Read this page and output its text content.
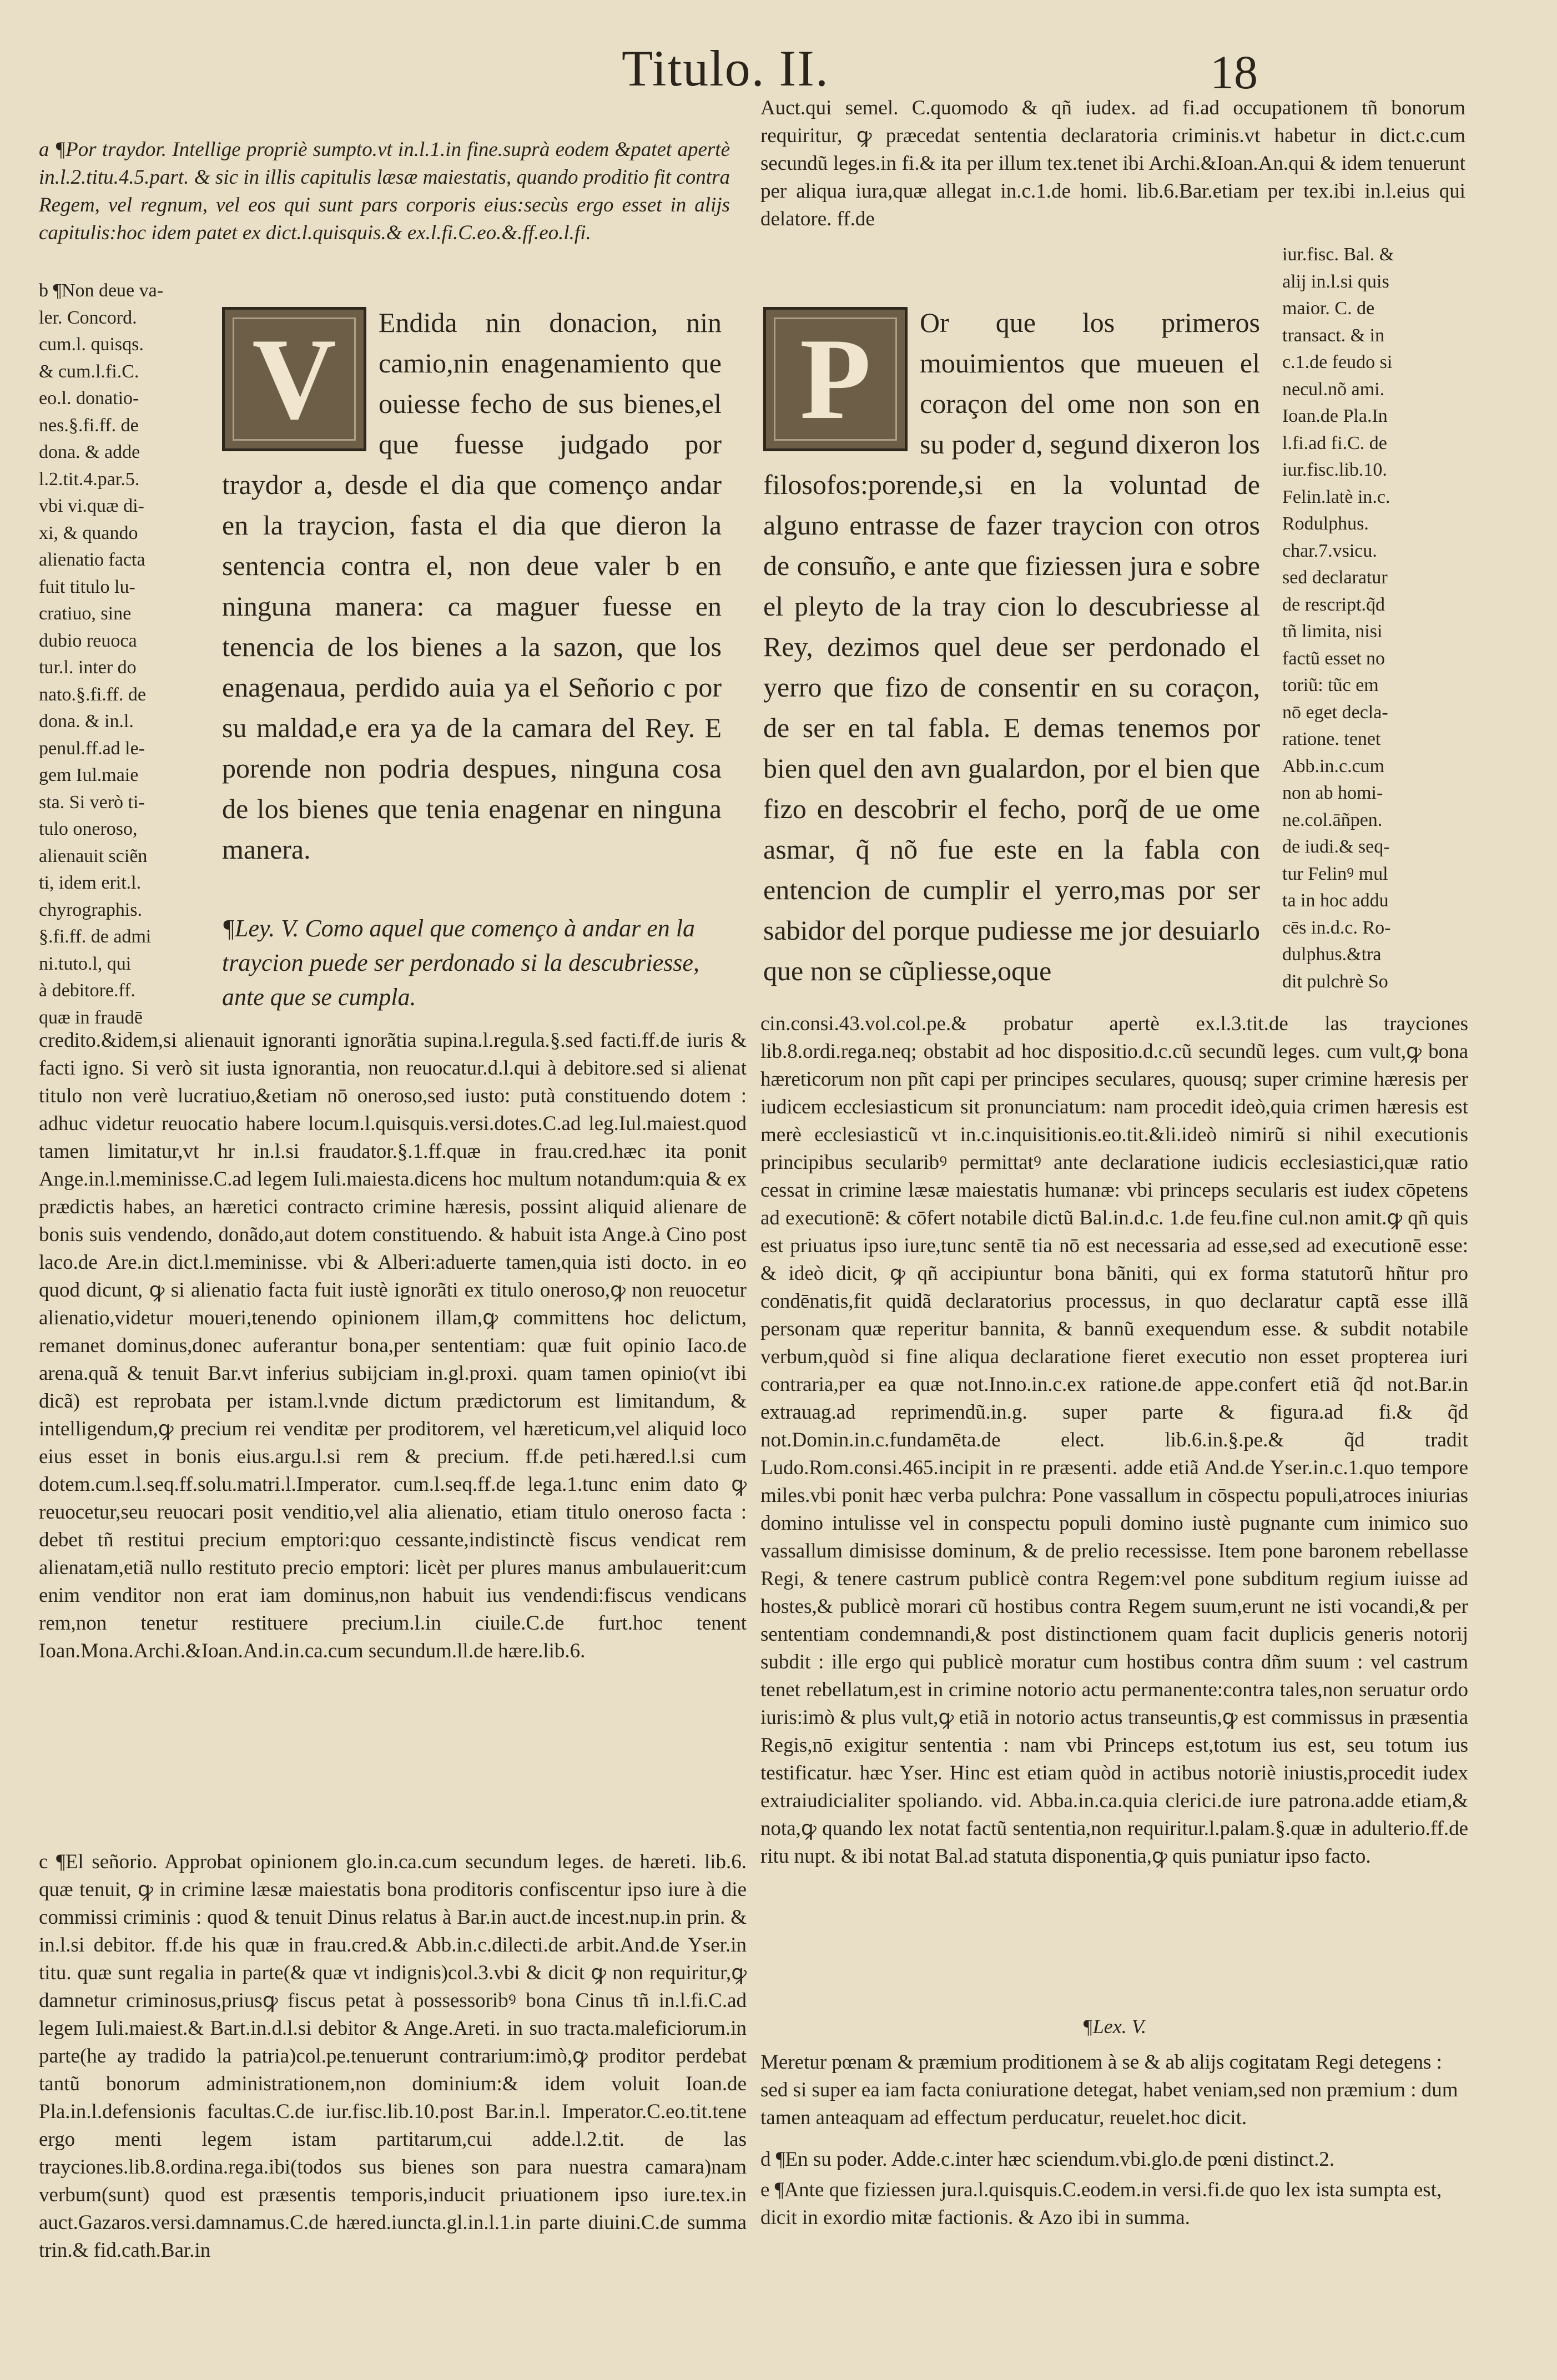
Titulo. II.	18
a ¶Por traydor. Intellige propriè sumpto.vt in.l.1.in fine.suprà eodem &patet apertè in.l.2.titu.4.5.part. & sic in illis capitulis læsæ maiestatis, quando proditio fit contra Regem, vel regnum, vel eos qui sunt pars corporis eius:secùs ergo esset in alijs capitulis:hoc idem patet ex dict.l.quisquis.& ex.l.fi.C.eo.&.ff.eo.l.fi.
b ¶Non deue va-
ler. Concord.
cum.l. quisqs.
& cum.l.fi.C.
eo.l. donatio-
nes.§.fi.ff. de
dona. & adde
l.2.tit.4.par.5.
vbi vi.quæ di-
xi, & quando
alienatio facta
fuit titulo lu-
cratiuo, sine
dubio reuoca
tur.l. inter do
nato.§.fi.ff. de
dona. & in.l.
penul.ff.ad le-
gem Iul.maie
sta. Si verò ti-
tulo oneroso,
alienauit sciẽn
ti, idem erit.l.
chyrographis.
§.fi.ff. de admi
ni.tuto.l, qui
à debitore.ff.
quæ in fraudē
V	Endida nin donacion, nin camio,nin enagenamiento que ouiesse fecho de sus bienes,el que fuesse judgado por traydor a, desde el dia que començo andar en la traycion, fasta el dia que dieron la sentencia contra el, non deue valer b en ninguna manera: ca maguer fuesse en tenencia de los bienes a la sazon, que los enagenaua, perdido auia ya el Señorio c por su maldad,e era ya de la camara del Rey. E porende non podria despues, ninguna cosa de los bienes que tenia enagenar en ninguna manera.
¶Ley. V. Como aquel que començo à andar en la traycion puede ser perdonado si la descubriesse, ante que se cumpla.
credito.&idem,si alienauit ignoranti ignorãtia supina.l.regula.§.sed facti.ff.de iuris & facti igno. Si verò sit iusta ignorantia, non reuocatur.d.l.qui à debitore.sed si alienat titulo non verè lucratiuo,&etiam nō oneroso,sed iusto: putà constituendo dotem : adhuc videtur reuocatio habere locum.l.quisquis.versi.dotes.C.ad leg.Iul.maiest.quod tamen limitatur,vt hr in.l.si fraudator.§.1.ff.quæ in frau.cred.hæc ita ponit Ange.in.l.meminisse.C.ad legem Iuli.maiesta.dicens hoc multum notandum:quia & ex prædictis habes, an hæretici contracto crimine hæresis, possint aliquid alienare de bonis suis vendendo, donãdo,aut dotem constituendo. & habuit ista Ange.à Cino post laco.de Are.in dict.l.meminisse. vbi & Alberi:aduerte tamen,quia isti docto. in eo quod dicunt, ꝙ si alienatio facta fuit iustè ignorãti ex titulo oneroso,ꝙ non reuocetur alienatio,videtur moueri,tenendo opinionem illam,ꝙ committens hoc delictum, remanet dominus,donec auferantur bona,per sententiam: quæ fuit opinio Iaco.de arena.quã & tenuit Bar.vt inferius subijciam in.gl.proxi. quam tamen opinio(vt ibi dicã) est reprobata per istam.l.vnde dictum prædictorum est limitandum, & intelligendum,ꝙ precium rei venditæ per proditorem, vel hæreticum,vel aliquid loco eius esset in bonis eius.argu.l.si rem & precium. ff.de peti.hæred.l.si cum dotem.cum.l.seq.ff.solu.matri.l.Imperator. cum.l.seq.ff.de lega.1.tunc enim dato ꝙ reuocetur,seu reuocari posit venditio,vel alia alienatio, etiam titulo oneroso facta : debet tñ restitui precium emptori:quo cessante,indistinctè fiscus vendicat rem alienatam,etiã nullo restituto precio emptori: licèt per plures manus ambulauerit:cum enim venditor non erat iam dominus,non habuit ius vendendi:fiscus vendicans rem,non tenetur restituere precium.l.in ciuile.C.de furt.hoc tenent Ioan.Mona.Archi.&Ioan.And.in.ca.cum secundum.ll.de hære.lib.6.
c ¶El señorio. Approbat opinionem glo.in.ca.cum secundum leges. de hæreti. lib.6. quæ tenuit, ꝙ in crimine læsæ maiestatis bona proditoris confiscentur ipso iure à die commissi criminis : quod & tenuit Dinus relatus à Bar.in auct.de incest.nup.in prin. & in.l.si debitor. ff.de his quæ in frau.cred.& Abb.in.c.dilecti.de arbit.And.de Yser.in titu. quæ sunt regalia in parte(& quæ vt indignis)col.3.vbi & dicit ꝙ non requiritur,ꝙ damnetur criminosus,priusꝙ fiscus petat à possessoribꝰ bona Cinus tñ in.l.fi.C.ad legem Iuli.maiest.& Bart.in.d.l.si debitor & Ange.Areti. in suo tracta.maleficiorum.in parte(he ay tradido la patria)col.pe.tenuerunt contrarium:imò,ꝙ proditor perdebat tantũ bonorum administrationem,non dominium:& idem voluit Ioan.de Pla.in.l.defensionis facultas.C.de iur.fisc.lib.10.post Bar.in.l. Imperator.C.eo.tit.tene ergo menti legem istam partitarum,cui adde.l.2.tit. de las trayciones.lib.8.ordina.rega.ibi(todos sus bienes son para nuestra camara)nam verbum(sunt) quod est præsentis temporis,inducit priuationem ipso iure.tex.in auct.Gazaros.versi.damnamus.C.de hæred.iuncta.gl.in.l.1.in parte diuini.C.de summa trin.& fid.cath.Bar.in
Auct.qui semel. C.quomodo & qñ iudex. ad fi.ad occupationem tñ bonorum requiritur, ꝙ præcedat sententia declaratoria criminis.vt habetur in dict.c.cum secundũ leges.in fi.& ita per illum tex.tenet ibi Archi.&Ioan.An.qui & idem tenuerunt per aliqua iura,quæ allegat in.c.1.de homi. lib.6.Bar.etiam per tex.ibi in.l.eius qui delatore. ff.de
iur.fisc. Bal. &
alij in.l.si quis
maior. C. de
transact. & in
c.1.de feudo si
necul.nõ ami.
Ioan.de Pla.In
l.fi.ad fi.C. de
iur.fisc.lib.10.
Felin.latè in.c.
Rodulphus.
char.7.vsicu.
sed declaratur
de rescript.q̃d
tñ limita, nisi
factũ esset no
toriũ: tũc em
nō eget decla-
ratione. tenet
Abb.in.c.cum
non ab homi-
ne.col.āñpen.
de iudi.& seq-
tur Felinꝰ mul
ta in hoc addu
cēs in.d.c. Ro-
dulphus.&tra
dit pulchrè So
P	Or que los primeros mouimientos que mueuen el coraçon del ome non son en su poder d, segund dixeron los filosofos:porende,si en la voluntad de alguno entrasse de fazer traycion con otros de consuño, e ante que fiziessen jura e sobre el pleyto de la tray cion lo descubriesse al Rey, dezimos quel deue ser perdonado el yerro que fizo de consentir en su coraçon, de ser en tal fabla. E demas tenemos por bien quel den avn gualardon, por el bien que fizo en descobrir el fecho, porq̃ de ue ome asmar, q̃ nõ fue este en la fabla con entencion de cumplir el yerro,mas por ser sabidor del porque pudiesse me jor desuiarlo que non se cũpliesse,oque
cin.consi.43.vol.col.pe.& probatur apertè ex.l.3.tit.de las trayciones lib.8.ordi.rega.neq; obstabit ad hoc dispositio.d.c.cũ secundũ leges. cum vult,ꝙ bona hæreticorum non pñt capi per principes seculares, quousq; super crimine hæresis per iudicem ecclesiasticum sit pronunciatum: nam procedit ideò,quia crimen hæresis est merè ecclesiasticũ vt in.c.inquisitionis.eo.tit.&li.ideò nimirũ si nihil executionis principibus secularibꝰ permittatꝰ ante declaratione iudicis ecclesiastici,quæ ratio cessat in crimine læsæ maiestatis humanæ: vbi princeps secularis est iudex cōpetens ad executionē: & cōfert notabile dictũ Bal.in.d.c. 1.de feu.fine cul.non amit.ꝙ qñ quis est priuatus ipso iure,tunc sentē tia nō est necessaria ad esse,sed ad executionē esse: & ideò dicit, ꝙ qñ accipiuntur bona bãniti, qui ex forma statutorũ hñtur pro condēnatis,fit quidã declaratorius processus, in quo declaratur captã esse illã personam quæ reperitur bannita, & bannũ exequendum esse. & subdit notabile verbum,quòd si fine aliqua declaratione fieret executio non esset propterea iuri contraria,per ea quæ not.Inno.in.c.ex ratione.de appe.confert etiã q̃d not.Bar.in extrauag.ad reprimendũ.in.g. super parte & figura.ad fi.& q̃d not.Domin.in.c.fundamēta.de elect. lib.6.in.§.pe.& q̃d tradit Ludo.Rom.consi.465.incipit in re præsenti. adde etiã And.de Yser.in.c.1.quo tempore miles.vbi ponit hæc verba pulchra: Pone vassallum in cōspectu populi,atroces iniurias domino intulisse vel in conspectu populi domino iustè pugnante cum inimico suo vassallum dimisisse dominum, & de prelio recessisse. Item pone baronem rebellasse Regi, & tenere castrum publicè contra Regem:vel pone subditum regium iuisse ad hostes,& publicè morari cũ hostibus contra Regem suum,erunt ne isti vocandi,& per sententiam condemnandi,& post distinctionem quam facit duplicis generis notorij subdit : ille ergo qui publicè moratur cum hostibus contra dñm suum : vel castrum tenet rebellatum,est in crimine notorio actu permanente:contra tales,non seruatur ordo iuris:imò & plus vult,ꝙ etiã in notorio actus transeuntis,ꝙ est commissus in præsentia Regis,nō exigitur sententia : nam vbi Princeps est,totum ius est, seu totum ius testificatur. hæc Yser. Hinc est etiam quòd in actibus notoriè iniustis,procedit iudex extraiudicialiter spoliando. vid. Abba.in.ca.quia clerici.de iure patrona.adde etiam,& nota,ꝙ quando lex notat factũ sententia,non requiritur.l.palam.§.quæ in adulterio.ff.de ritu nupt. & ibi notat Bal.ad statuta disponentia,ꝙ quis puniatur ipso facto.
¶Lex. V.
Meretur pœnam & præmium proditionem à se & ab alijs cogitatam Regi detegens : sed si super ea iam facta coniuratione detegat, habet veniam,sed non præmium : dum tamen anteaquam ad effectum perducatur, reuelet.hoc dicit.
d ¶En su poder. Adde.c.inter hæc sciendum.vbi.glo.de pœni distinct.2.
e ¶Ante que fiziessen jura.l.quisquis.C.eodem.in versi.fi.de quo lex ista sumpta est, dicit in exordio mitæ factionis. & Azo ibi in summa.
